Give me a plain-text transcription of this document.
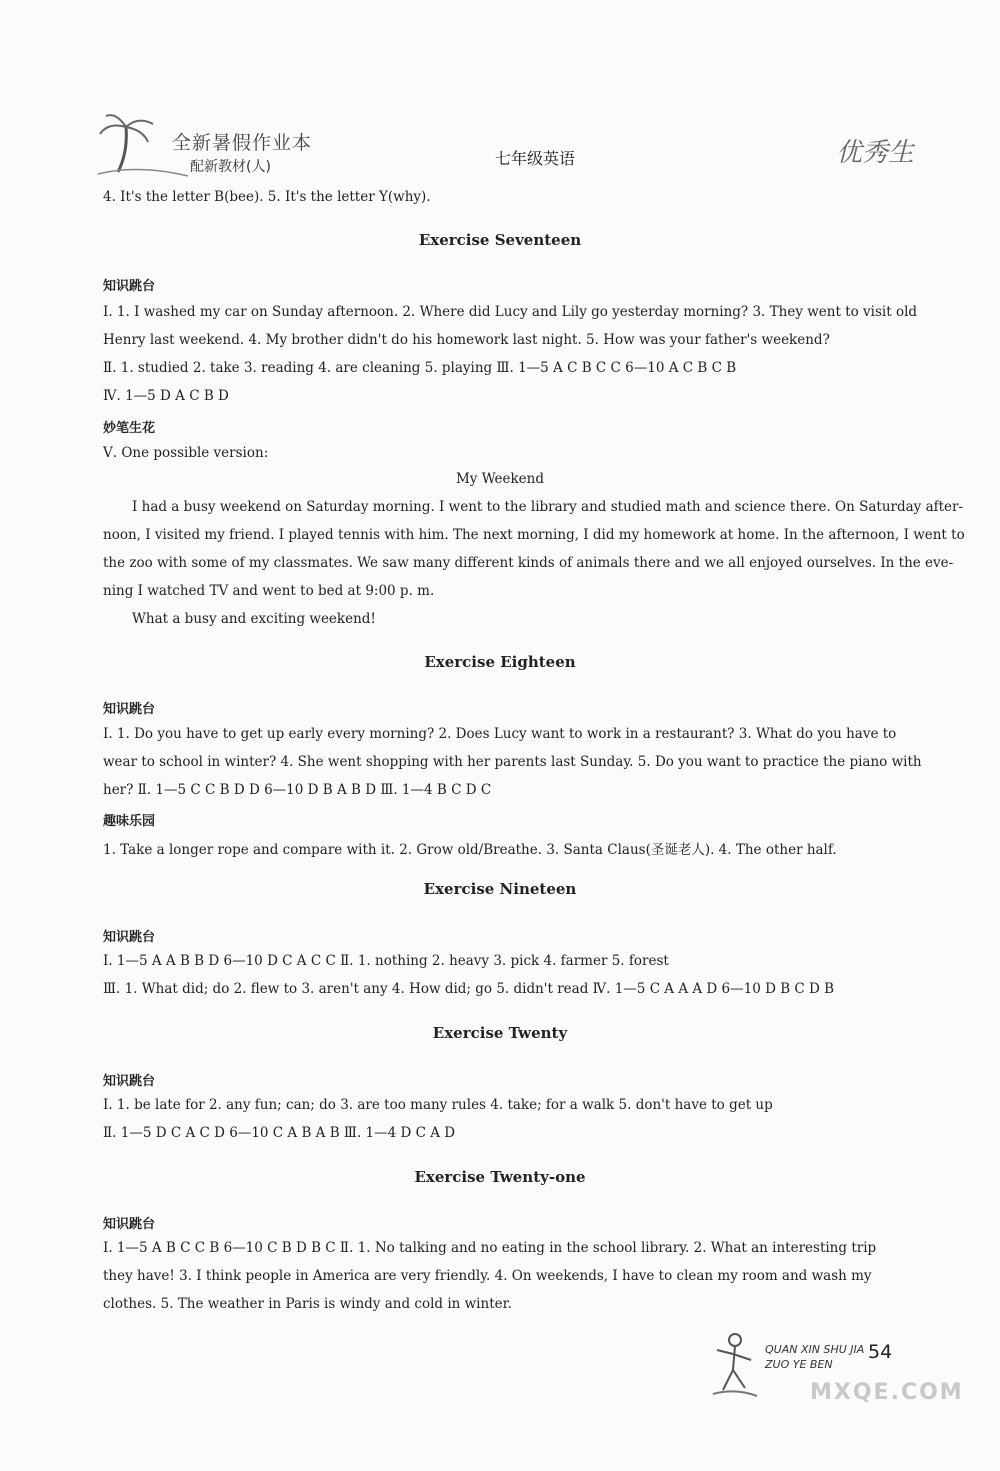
全新暑假作业本
配新教材(人)	七年级英语	优秀生
4. It's the letter B(bee). 5. It's the letter Y(why).
Exercise Seventeen
知识跳台
Ⅰ. 1. I washed my car on Sunday afternoon. 2. Where did Lucy and Lily go yesterday morning? 3. They went to visit old
Henry last weekend. 4. My brother didn't do his homework last night. 5. How was your father's weekend?
Ⅱ. 1. studied 2. take 3. reading 4. are cleaning 5. playing Ⅲ. 1—5 A C B C C 6—10 A C B C B
Ⅳ. 1—5 D A C B D
妙笔生花
Ⅴ. One possible version:
My Weekend
I had a busy weekend on Saturday morning. I went to the library and studied math and science there. On Saturday after-
noon, I visited my friend. I played tennis with him. The next morning, I did my homework at home. In the afternoon, I went to
the zoo with some of my classmates. We saw many different kinds of animals there and we all enjoyed ourselves. In the eve-
ning I watched TV and went to bed at 9:00 p. m.
What a busy and exciting weekend!
Exercise Eighteen
知识跳台
Ⅰ. 1. Do you have to get up early every morning? 2. Does Lucy want to work in a restaurant? 3. What do you have to
wear to school in winter? 4. She went shopping with her parents last Sunday. 5. Do you want to practice the piano with
her? Ⅱ. 1—5 C C B D D 6—10 D B A B D Ⅲ. 1—4 B C D C
趣味乐园
1. Take a longer rope and compare with it. 2. Grow old/Breathe. 3. Santa Claus(圣诞老人). 4. The other half.
Exercise Nineteen
知识跳台
Ⅰ. 1—5 A A B B D 6—10 D C A C C Ⅱ. 1. nothing 2. heavy 3. pick 4. farmer 5. forest
Ⅲ. 1. What did; do 2. flew to 3. aren't any 4. How did; go 5. didn't read Ⅳ. 1—5 C A A A D 6—10 D B C D B
Exercise Twenty
知识跳台
Ⅰ. 1. be late for 2. any fun; can; do 3. are too many rules 4. take; for a walk 5. don't have to get up
Ⅱ. 1—5 D C A C D 6—10 C A B A B Ⅲ. 1—4 D C A D
Exercise Twenty-one
知识跳台
Ⅰ. 1—5 A B C C B 6—10 C B D B C Ⅱ. 1. No talking and no eating in the school library. 2. What an interesting trip
they have! 3. I think people in America are very friendly. 4. On weekends, I have to clean my room and wash my
clothes. 5. The weather in Paris is windy and cold in winter.
QUAN XIN SHU JIA
ZUO YE BEN
54
MXQE.COM
